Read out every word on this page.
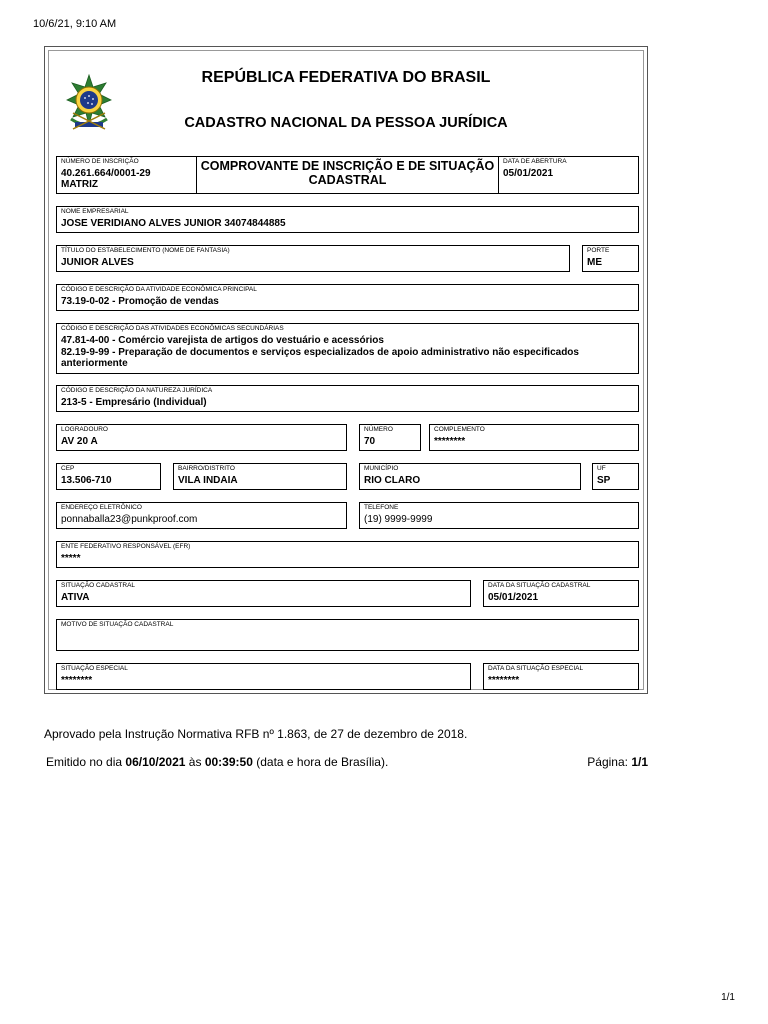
10/6/21, 9:10 AM
REPÚBLICA FEDERATIVA DO BRASIL
CADASTRO NACIONAL DA PESSOA JURÍDICA
NÚMERO DE INSCRIÇÃO
40.261.664/0001-29
MATRIZ
COMPROVANTE DE INSCRIÇÃO E DE SITUAÇÃO CADASTRAL
DATA DE ABERTURA
05/01/2021
NOME EMPRESARIAL
JOSE VERIDIANO ALVES JUNIOR 34074844885
TÍTULO DO ESTABELECIMENTO (NOME DE FANTASIA)
JUNIOR ALVES
PORTE
ME
CÓDIGO E DESCRIÇÃO DA ATIVIDADE ECONÔMICA PRINCIPAL
73.19-0-02 - Promoção de vendas
CÓDIGO E DESCRIÇÃO DAS ATIVIDADES ECONÔMICAS SECUNDÁRIAS
47.81-4-00 - Comércio varejista de artigos do vestuário e acessórios
82.19-9-99 - Preparação de documentos e serviços especializados de apoio administrativo não especificados anteriormente
CÓDIGO E DESCRIÇÃO DA NATUREZA JURÍDICA
213-5 - Empresário (Individual)
LOGRADOURO
AV 20 A
NÚMERO
70
COMPLEMENTO
********
CEP
13.506-710
BAIRRO/DISTRITO
VILA INDAIA
MUNICÍPIO
RIO CLARO
UF
SP
ENDEREÇO ELETRÔNICO
ponnaballa23@punkproof.com
TELEFONE
(19) 9999-9999
ENTE FEDERATIVO RESPONSÁVEL (EFR)
*****
SITUAÇÃO CADASTRAL
ATIVA
DATA DA SITUAÇÃO CADASTRAL
05/01/2021
MOTIVO DE SITUAÇÃO CADASTRAL
SITUAÇÃO ESPECIAL
********
DATA DA SITUAÇÃO ESPECIAL
********
Aprovado pela Instrução Normativa RFB nº 1.863, de 27 de dezembro de 2018.
Emitido no dia 06/10/2021 às 00:39:50 (data e hora de Brasília).	Página: 1/1
1/1
